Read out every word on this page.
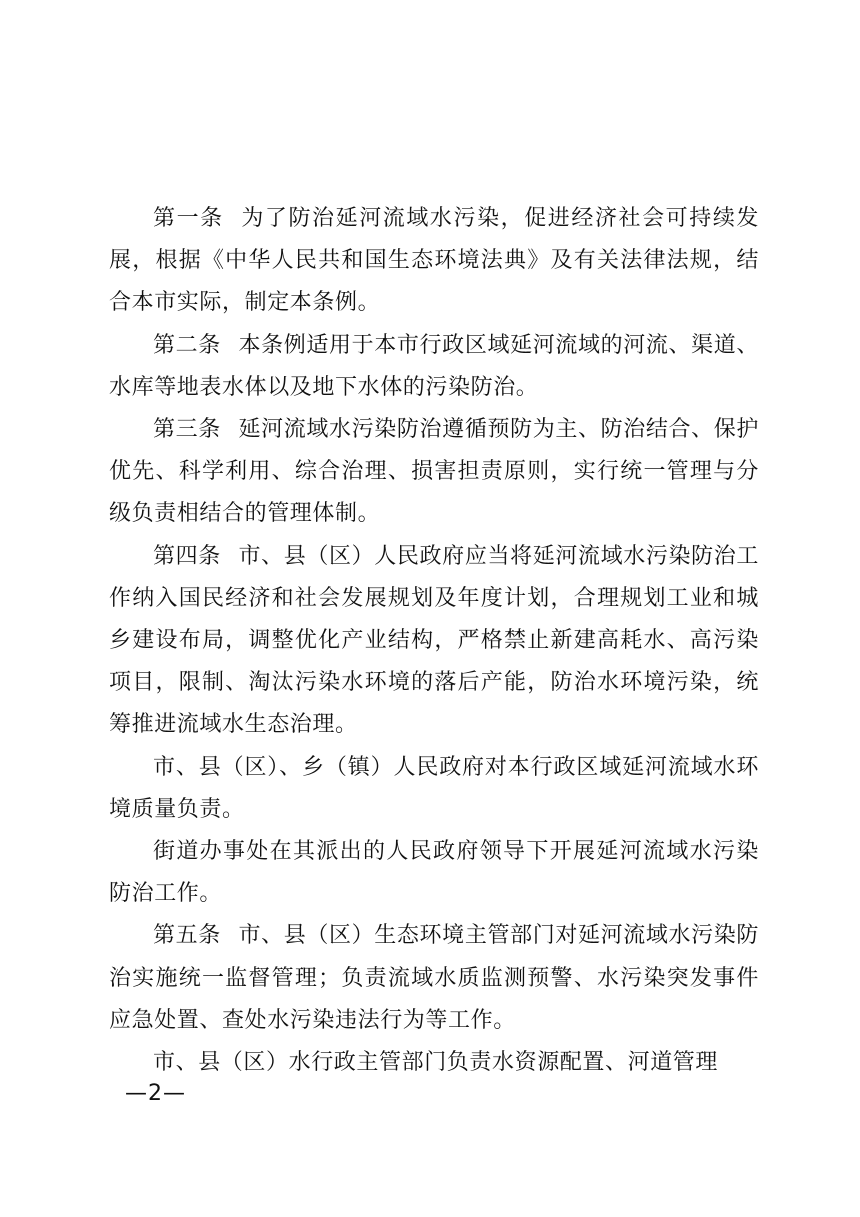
第一条 为了防治延河流域水污染，促进经济社会可持续发展，根据《中华人民共和国生态环境法典》及有关法律法规，结合本市实际，制定本条例。

第二条 本条例适用于本市行政区域延河流域的河流、渠道、水库等地表水体以及地下水体的污染防治。

第三条 延河流域水污染防治遵循预防为主、防治结合、保护优先、科学利用、综合治理、损害担责原则，实行统一管理与分级负责相结合的管理体制。

第四条 市、县（区）人民政府应当将延河流域水污染防治工作纳入国民经济和社会发展规划及年度计划，合理规划工业和城乡建设布局，调整优化产业结构，严格禁止新建高耗水、高污染项目，限制、淘汰污染水环境的落后产能，防治水环境污染，统筹推进流域水生态治理。

市、县（区）、乡（镇）人民政府对本行政区域延河流域水环境质量负责。

街道办事处在其派出的人民政府领导下开展延河流域水污染防治工作。

第五条 市、县（区）生态环境主管部门对延河流域水污染防治实施统一监督管理；负责流域水质监测预警、水污染突发事件应急处置、查处水污染违法行为等工作。

市、县（区）水行政主管部门负责水资源配置、河道管理

—2—
